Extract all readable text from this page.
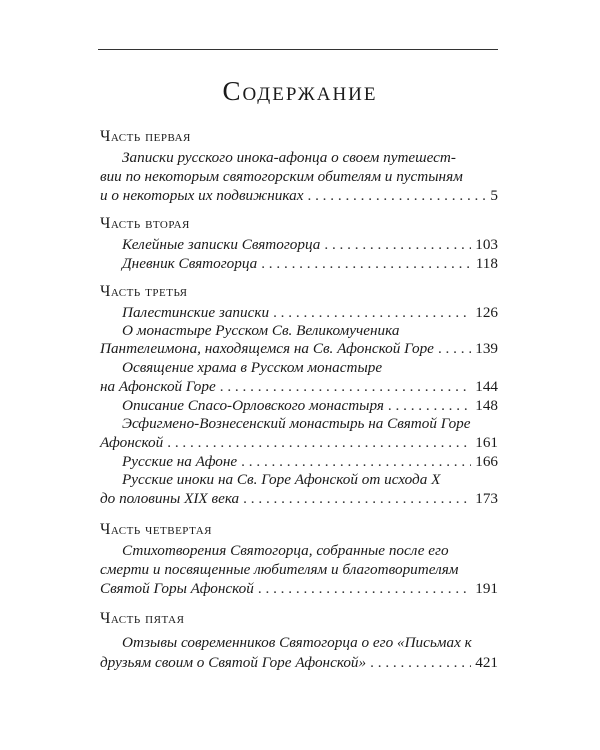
Содержание
Часть первая
Записки русского инока-афонца о своем путешест-
вии по некоторым святогорским обителям и пустыням
и о некоторых их подвижниках . . .	5
Часть вторая
Келейные записки Святогорца . . .	103
Дневник Святогорца . . .	118
Часть третья
Палестинские записки . . .	126
О монастыре Русском Св. Великомученика
Пантелеимона, находящемся на Св. Афонской Горе . . .	139
Освящение храма в Русском монастыре
на Афонской Горе . . .	144
Описание Спасо-Орловского монастыря . . .	148
Эсфигмено-Вознесенский монастырь на Святой Горе
Афонской . . .	161
Русские на Афоне . . .	166
Русские иноки на Св. Горе Афонской от исхода X
до половины XIX века . . .	173
Часть четвертая
Стихотворения Святогорца, собранные после его
смерти и посвященные любителям и благотворителям
Святой Горы Афонской . . .	191
Часть пятая
Отзывы современников Святогорца о его «Письмах к
друзьям своим о Святой Горе Афонской» . . .	421
